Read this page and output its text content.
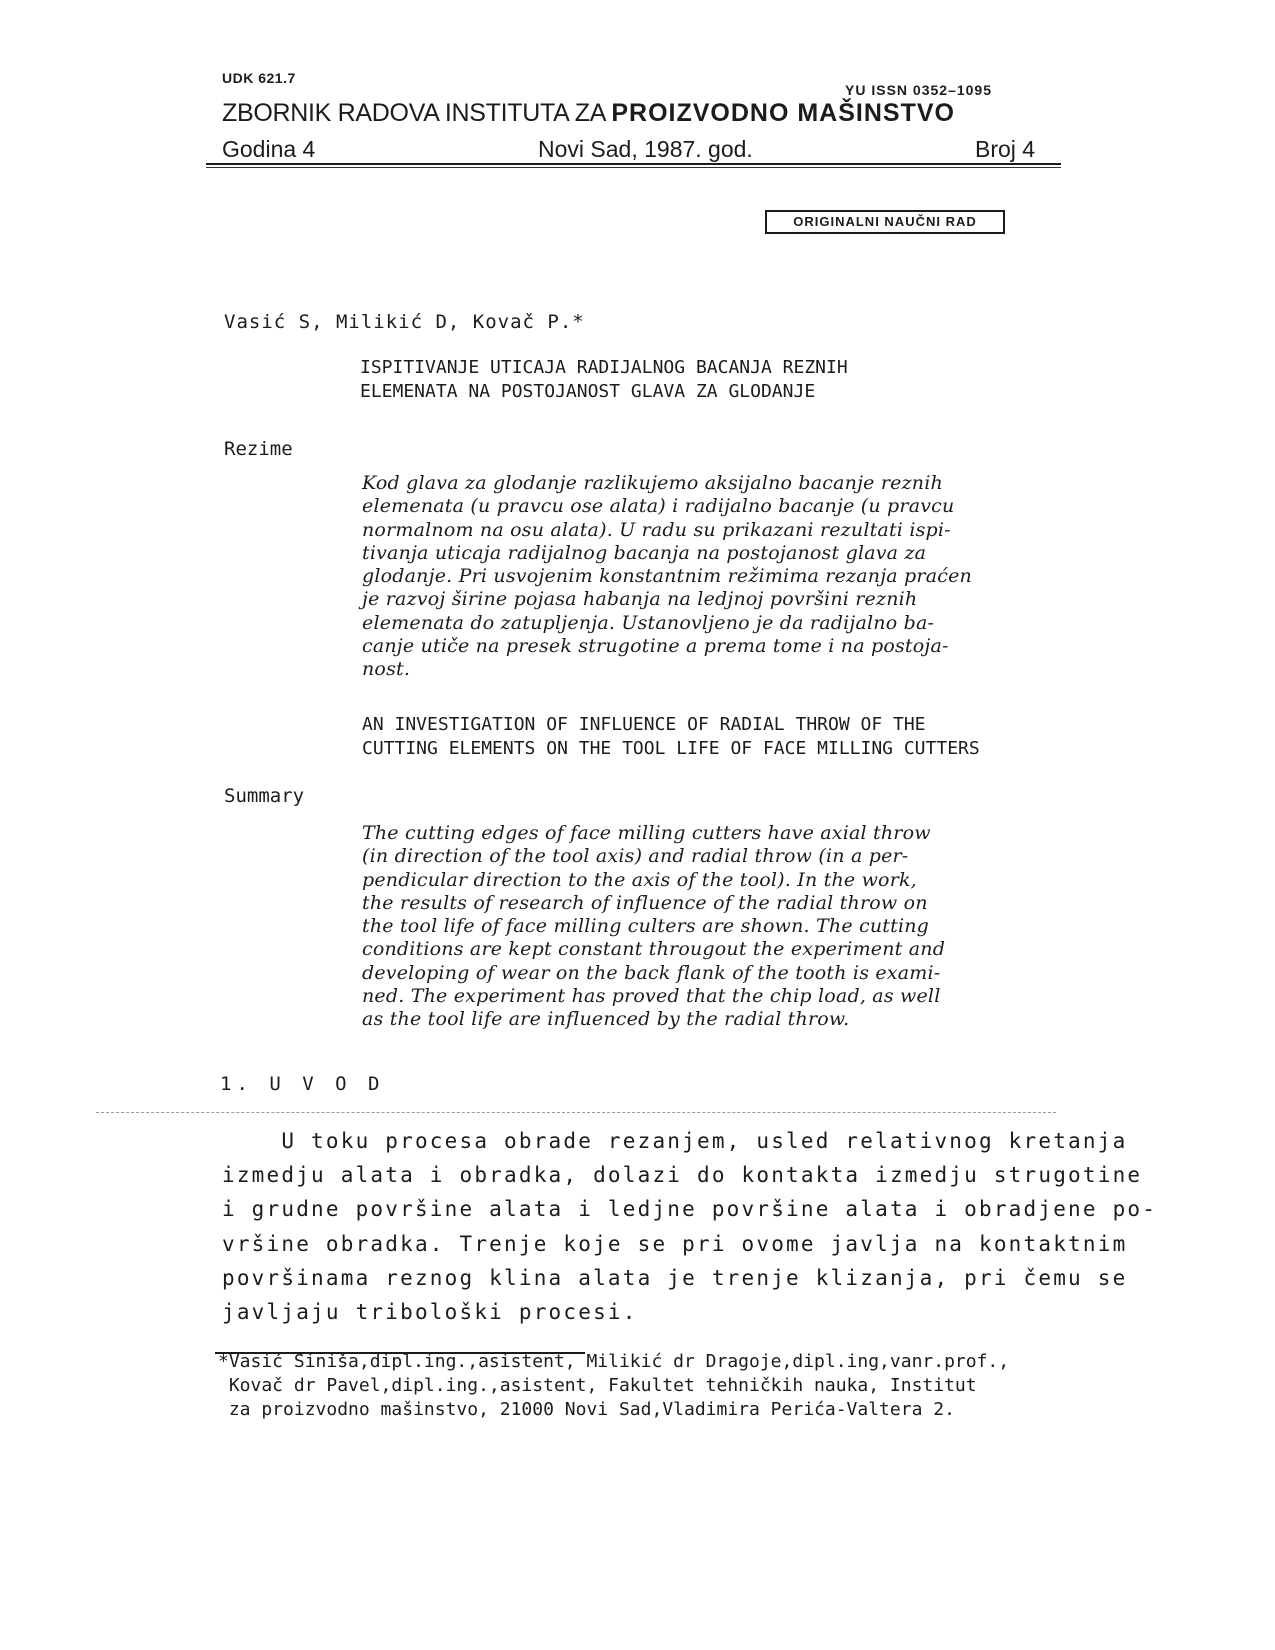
UDK 621.7
YU ISSN 0352–1095
ZBORNIK RADOVA INSTITUTA ZA PROIZVODNO MAŠINSTVO
Godina 4	Novi Sad, 1987. god.	Broj 4
ORIGINALNI NAUČNI RAD
Vasić S, Milikić D, Kovač P.*
ISPITIVANJE UTICAJA RADIJALNOG BACANJA REZNIH
ELEMENATA NA POSTOJANOST GLAVA ZA GLODANJE
Rezime
Kod glava za glodanje razlikujemo aksijalno bacanje reznih
elemenata (u pravcu ose alata) i radijalno bacanje (u pravcu
normalnom na osu alata). U radu su prikazani rezultati ispi-
tivanja uticaja radijalnog bacanja na postojanost glava za
glodanje. Pri usvojenim konstantnim režimima rezanja praćen
je razvoj širine pojasa habanja na ledjnoj površini reznih
elemenata do zatupljenja. Ustanovljeno je da radijalno ba-
canje utiče na presek strugotine a prema tome i na postoja-
nost.
AN INVESTIGATION OF INFLUENCE OF RADIAL THROW OF THE
CUTTING ELEMENTS ON THE TOOL LIFE OF FACE MILLING CUTTERS
Summary
The cutting edges of face milling cutters have axial throw
(in direction of the tool axis) and radial throw (in a per-
pendicular direction to the axis of the tool). In the work,
the results of research of influence of the radial throw on
the tool life of face milling culters are shown. The cutting
conditions are kept constant througout the experiment and
developing of wear on the back flank of the tooth is exami-
ned. The experiment has proved that the chip load, as well
as the tool life are influenced by the radial throw.
1. U V O D
U toku procesa obrade rezanjem, usled relativnog kretanja
izmedju alata i obradka, dolazi do kontakta izmedju strugotine
i grudne površine alata i ledjne površine alata i obradjene po-
vršine obradka. Trenje koje se pri ovome javlja na kontaktnim
površinama reznog klina alata je trenje klizanja, pri čemu se
javljaju tribološki procesi.
*Vasić Siniša,dipl.ing.,asistent, Milikić dr Dragoje,dipl.ing,vanr.prof.,
Kovač dr Pavel,dipl.ing.,asistent, Fakultet tehničkih nauka, Institut
za proizvodno mašinstvo, 21000 Novi Sad,Vladimira Perića-Valtera 2.
